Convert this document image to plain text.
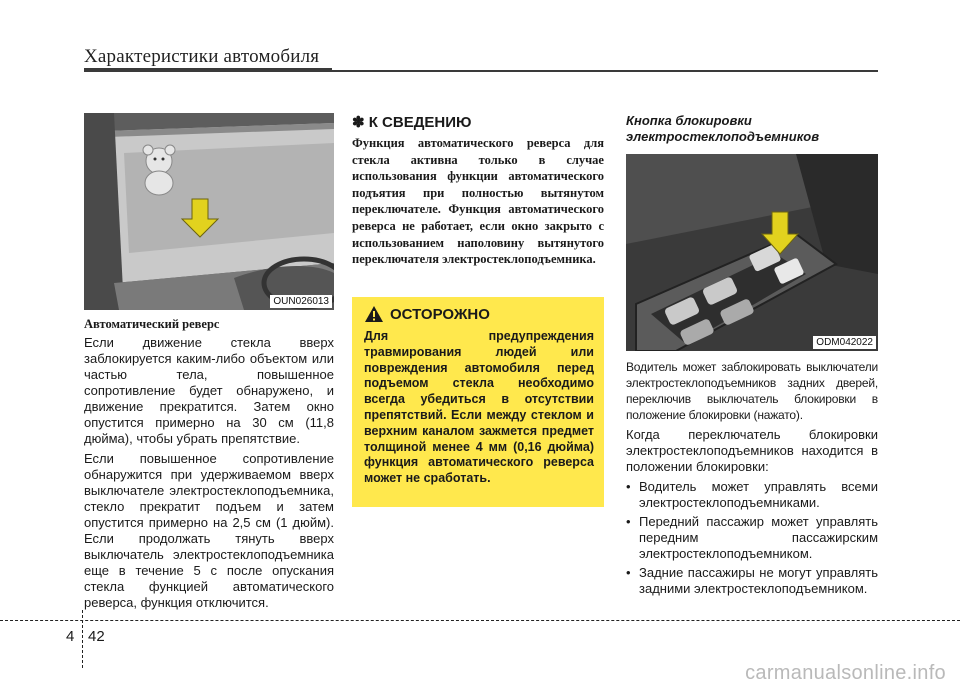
Характеристики автомобиля
OUN026013
Автоматический реверс

Если движение стекла вверх заблокируется каким-либо объектом или частью тела, повышенное сопротивление будет обнаружено, и движение прекратится. Затем окно опустится примерно на 30 см (11,8 дюйма), чтобы убрать препятствие.

Если повышенное сопротивление обнаружится при удерживаемом вверх выключателе электростеклоподъемника, стекло прекратит подъем и затем опустится примерно на 2,5 см (1 дюйм). Если продолжать тянуть вверх выключатель электростеклоподъемника еще в течение 5 с после опускания стекла функцией автоматического реверса, функция отключится.

✽ К СВЕДЕНИЮ

Функция автоматического реверса для стекла активна только в случае использования функции автоматического подъятия при полностью вытянутом переключателе. Функция автоматического реверса не работает, если окно закрыто с использованием наполовину вытянутого переключателя электростеклоподъемника.

ОСТОРОЖНО

Для предупреждения травмирования людей или повреждения автомобиля перед подъемом стекла необходимо всегда убедиться в отсутствии препятствий. Если между стеклом и верхним каналом зажмется предмет толщиной менее 4 мм (0,16 дюйма) функция автоматического реверса может не сработать.

Кнопка блокировки электростеклоподъемников
ODM042022

Водитель может заблокировать выключатели электростеклоподъемников задних дверей, переключив выключатель блокировки в положение блокировки (нажато).

Когда переключатель блокировки электростеклоподъемников находится в положении блокировки:

• Водитель может управлять всеми электростеклоподъемниками.
• Передний пассажир может управлять передним пассажирским электростеклоподъемником.
• Задние пассажиры не могут управлять задними электростеклоподъемником.
4 42
carmanualsonline.info
